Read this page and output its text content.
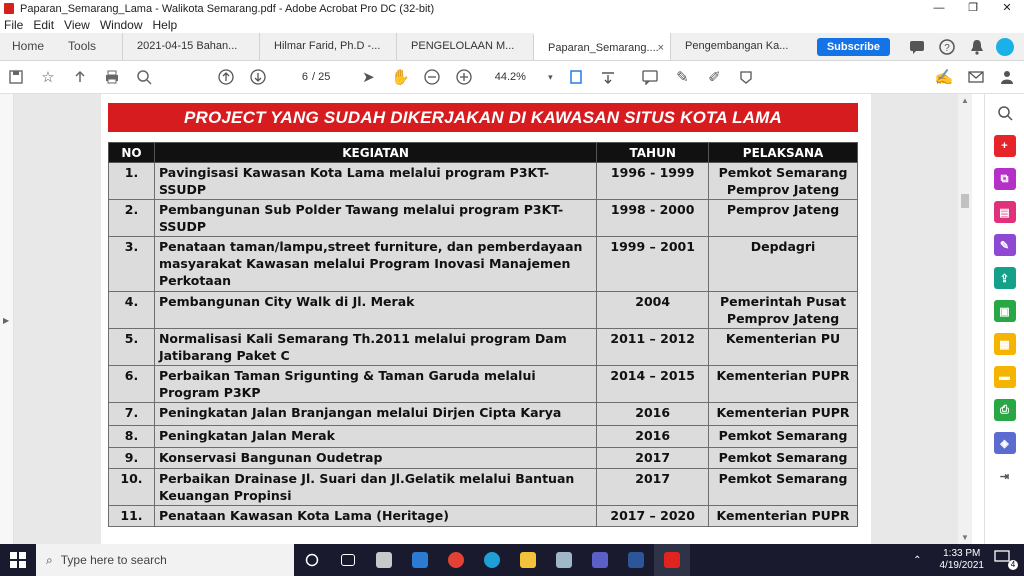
Paparan_Semarang_Lama - Walikota Semarang.pdf - Adobe Acrobat Pro DC (32-bit)	—	❐	✕
File Edit View Window Help
Home	Tools	2021-04-15 Bahan...	Hilmar Farid, Ph.D -...	PENGELOLAAN M...	Paparan_Semarang....
×	Pengembangan Ka...	Subscribe	?
☆	6 / 25	➤	✋	44.2%	▾	✎	✐	✍
▶
PROJECT YANG SUDAH DIKERJAKAN DI KAWASAN SITUS KOTA LAMA
NO	KEGIATAN	TAHUN	PELAKSANA
1.	Pavingisasi Kawasan Kota Lama melalui program P3KT-SSUDP	1996 - 1999	Pemkot Semarang Pemprov Jateng
2.	Pembangunan Sub Polder Tawang melalui program P3KT-SSUDP	1998 - 2000	Pemprov Jateng
3.	Penataan taman/lampu,street furniture, dan pemberdayaan masyarakat Kawasan melalui Program Inovasi Manajemen Perkotaan	1999 – 2001	Depdagri
4.	Pembangunan City Walk di Jl. Merak	2004	Pemerintah Pusat Pemprov Jateng
5.	Normalisasi Kali Semarang Th.2011 melalui program Dam Jatibarang Paket C	2011 – 2012	Kementerian PU
6.	Perbaikan Taman Srigunting & Taman Garuda melalui Program P3KP	2014 – 2015	Kementerian PUPR
7.	Peningkatan Jalan Branjangan melalui Dirjen Cipta Karya	2016	Kementerian PUPR
8.	Peningkatan Jalan Merak	2016	Pemkot Semarang
9.	Konservasi Bangunan Oudetrap	2017	Pemkot Semarang
10.	Perbaikan Drainase Jl. Suari dan Jl.Gelatik melalui Bantuan Keuangan Propinsi	2017	Pemkot Semarang
11.	Penataan Kawasan Kota Lama (Heritage)	2017 – 2020	Kementerian PUPR
▲
▼
+
⧉
▤
✎
⇪
▣
▦
▬
⎙
◈
⇥
⌕ Type here to search	⌃
1:33 PM
4/19/2021	4
